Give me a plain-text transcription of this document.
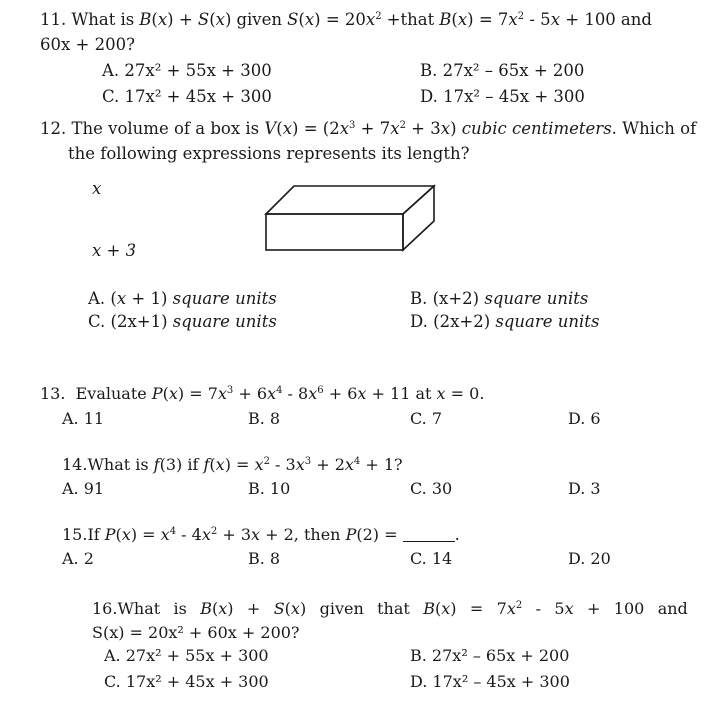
11. What is B(x) + S(x) given $S(x) = 20x^2$ +that $B(x) = 7x^2 - 5x + 100$ and
60x + 200?
A. 27x² + 55x + 300	B. 27x² – 65x + 200
C. 17x² + 45x + 300	D. 17x² – 45x + 300
12. The volume of a box is $V(x) = (2x^3 + 7x^2 + 3x)$ cubic centimeters. Which of
the following expressions represents its length?
x
x + 3
A. (x + 1) square units	B. (x+2) square units
C. (2x+1) square units	D. (2x+2) square units
13. Evaluate $P(x) = 7x^3 + 6x^4 - 8x^6 + 6x + 11$ at x = 0.
A. 11	B. 8	C. 7	D. 6
14.What is f(3) if $f(x) = x^2 - 3x^3 + 2x^4 + 1$?
A. 91	B. 10	C. 30	D. 3
15.If $P(x) = x^4 - 4x^2 + 3x + 2$, then P(2) =	.
A. 2	B. 8	C. 14	D. 20
16.What is B(x) + S(x) given that $B(x) = 7x^2 - 5x + 100$ and
S(x) = 20x² + 60x + 200?
A. 27x² + 55x + 300	B. 27x² – 65x + 200
C. 17x² + 45x + 300	D. 17x² – 45x + 300
